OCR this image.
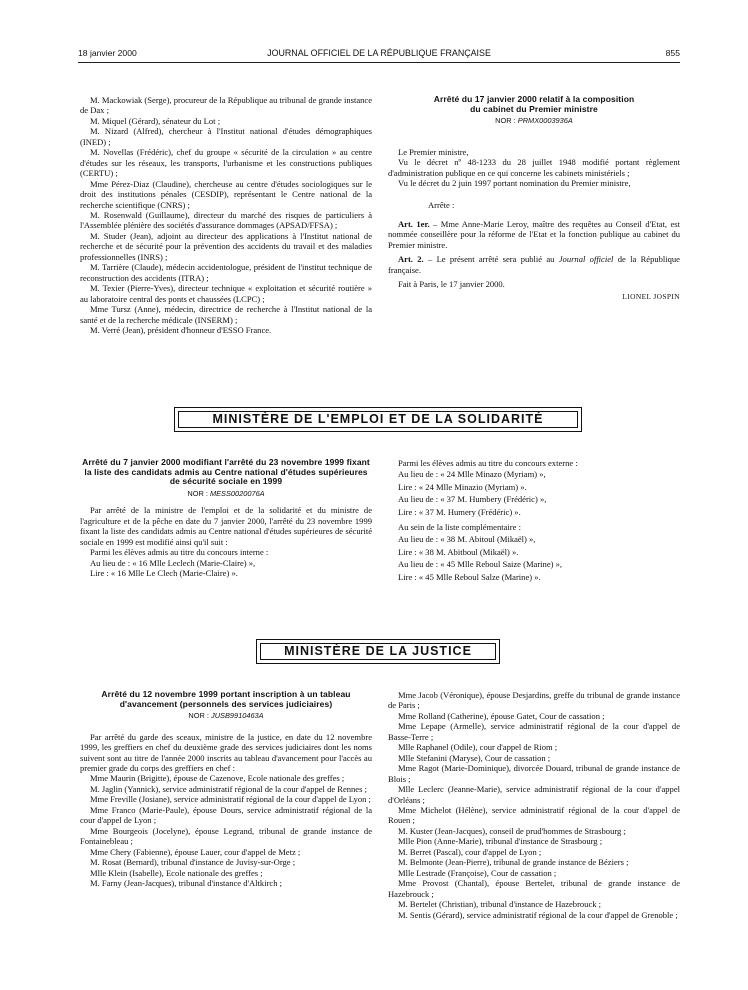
18 janvier 2000	JOURNAL OFFICIEL DE LA RÉPUBLIQUE FRANÇAISE	855

M. Mackowiak (Serge), procureur de la République au tribunal de grande instance de Dax ;

M. Miquel (Gérard), sénateur du Lot ;

M. Nizard (Alfred), chercheur à l'Institut national d'études démographiques (INED) ;

M. Novellas (Frédéric), chef du groupe « sécurité de la circulation » au centre d'études sur les réseaux, les transports, l'urbanisme et les constructions publiques (CERTU) ;

Mme Pérez-Diaz (Claudine), chercheuse au centre d'études sociologiques sur le droit des institutions pénales (CESDIP), représentant le Centre national de la recherche scientifique (CNRS) ;

M. Rosenwald (Guillaume), directeur du marché des risques de particuliers à l'Assemblée plénière des sociétés d'assurance dommages (APSAD/FFSA) ;

M. Studer (Jean), adjoint au directeur des applications à l'Institut national de recherche et de sécurité pour la prévention des accidents du travail et des maladies professionnelles (INRS) ;

M. Tarrière (Claude), médecin accidentologue, président de l'institut technique de reconstruction des accidents (ITRA) ;

M. Texier (Pierre-Yves), directeur technique « exploitation et sécurité routière » au laboratoire central des ponts et chaussées (LCPC) ;

Mme Tursz (Anne), médecin, directrice de recherche à l'Institut national de la santé et de la recherche médicale (INSERM) ;

M. Verré (Jean), président d'honneur d'ESSO France.

Arrêté du 17 janvier 2000 relatif à la composition
du cabinet du Premier ministre
NOR : PRMX0003936A

Le Premier ministre,

Vu le décret nº 48-1233 du 28 juillet 1948 modifié portant règlement d'administration publique en ce qui concerne les cabinets ministériels ;

Vu le décret du 2 juin 1997 portant nomination du Premier ministre,

Arrête :

Art. 1er. – Mme Anne-Marie Leroy, maître des requêtes au Conseil d'Etat, est nommée conseillère pour la réforme de l'Etat et la fonction publique au cabinet du Premier ministre.

Art. 2. – Le présent arrêté sera publié au Journal officiel de la République française.

Fait à Paris, le 17 janvier 2000.

LIONEL JOSPIN
MINISTÈRE DE L'EMPLOI ET DE LA SOLIDARITÉ
Arrêté du 7 janvier 2000 modifiant l'arrêté du 23 novembre 1999 fixant la liste des candidats admis au Centre national d'études supérieures de sécurité sociale en 1999
NOR : MESS0020076A

Par arrêté de la ministre de l'emploi et de la solidarité et du ministre de l'agriculture et de la pêche en date du 7 janvier 2000, l'arrêté du 23 novembre 1999 fixant la liste des candidats admis au Centre national d'études supérieures de sécurité sociale en 1999 est modifié ainsi qu'il suit :

Parmi les élèves admis au titre du concours interne :

Au lieu de : « 16 Mlle Leclech (Marie-Claire) »,

Lire : « 16 Mlle Le Clech (Marie-Claire) ».

Parmi les élèves admis au titre du concours externe :

Au lieu de : « 24 Mlle Minazo (Myriam) »,

Lire : « 24 Mlle Minazio (Myriam) ».

Au lieu de : « 37 M. Humbery (Frédéric) »,

Lire : « 37 M. Humery (Frédéric) ».

Au sein de la liste complémentaire :

Au lieu de : « 38 M. Abitoul (Mikaël) »,

Lire : « 38 M. Abitboul (Mikaël) ».

Au lieu de : « 45 Mlle Reboul Saize (Marine) »,

Lire : « 45 Mlle Reboul Salze (Marine) ».

MINISTÈRE DE LA JUSTICE
Arrêté du 12 novembre 1999 portant inscription à un tableau d'avancement (personnels des services judiciaires)
NOR : JUSB9910463A

Par arrêté du garde des sceaux, ministre de la justice, en date du 12 novembre 1999, les greffiers en chef du deuxième grade des services judiciaires dont les noms suivent sont au titre de l'année 2000 inscrits au tableau d'avancement pour l'accès au premier grade du corps des greffiers en chef :

Mme Maurin (Brigitte), épouse de Cazenove, Ecole nationale des greffes ;

M. Jaglin (Yannick), service administratif régional de la cour d'appel de Rennes ;

Mme Freville (Josiane), service administratif régional de la cour d'appel de Lyon ;

Mme Franco (Marie-Paule), épouse Dours, service administratif régional de la cour d'appel de Lyon ;

Mme Bourgeois (Jocelyne), épouse Legrand, tribunal de grande instance de Fontainebleau ;

Mme Chery (Fabienne), épouse Lauer, cour d'appel de Metz ;

M. Rosat (Bernard), tribunal d'instance de Juvisy-sur-Orge ;

Mlle Klein (Isabelle), Ecole nationale des greffes ;

M. Farny (Jean-Jacques), tribunal d'instance d'Altkirch ;

Mme Jacob (Véronique), épouse Desjardins, greffe du tribunal de grande instance de Paris ;

Mme Rolland (Catherine), épouse Gatet, Cour de cassation ;

Mme Lepape (Armelle), service administratif régional de la cour d'appel de Basse-Terre ;

Mlle Raphanel (Odile), cour d'appel de Riom ;

Mlle Stefanini (Maryse), Cour de cassation ;

Mme Ragot (Marie-Dominique), divorcée Douard, tribunal de grande instance de Blois ;

Mlle Leclerc (Jeanne-Marie), service administratif régional de la cour d'appel d'Orléans ;

Mme Michelot (Hélène), service administratif régional de la cour d'appel de Rouen ;

M. Kuster (Jean-Jacques), conseil de prud'hommes de Strasbourg ;

Mlle Pion (Anne-Marie), tribunal d'instance de Strasbourg ;

M. Berret (Pascal), cour d'appel de Lyon ;

M. Belmonte (Jean-Pierre), tribunal de grande instance de Béziers ;

Mlle Lestrade (Françoise), Cour de cassation ;

Mme Provost (Chantal), épouse Bertelet, tribunal de grande instance de Hazebrouck ;

M. Bertelet (Christian), tribunal d'instance de Hazebrouck ;

M. Sentis (Gérard), service administratif régional de la cour d'appel de Grenoble ;
